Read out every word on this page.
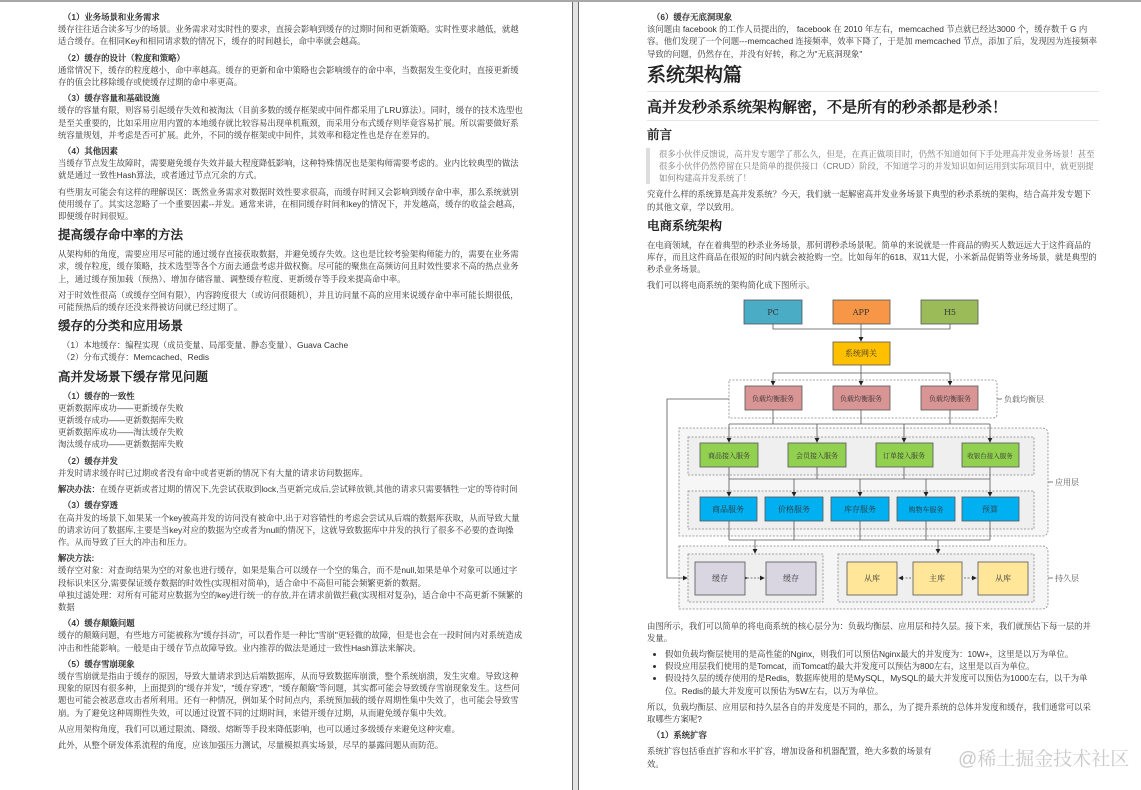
（1）业务场景和业务需求

缓存往往适合读多写少的场景。业务需求对实时性的要求，直接会影响到缓存的过期时间和更新策略。实时性要求越低，就越适合缓存。在相同Key和相同请求数的情况下，缓存的时间越长，命中率就会越高。

（2）缓存的设计（粒度和策略）

通常情况下，缓存的粒度越小，命中率越高。缓存的更新和命中策略也会影响缓存的命中率，当数据发生变化时，直接更新缓存的值会比移除缓存或使缓存过期的命中率更高。

（3）缓存容量和基础设施

缓存的容量有限，则容易引起缓存失效和被淘汰（目前多数的缓存框架或中间件都采用了LRU算法）。同时，缓存的技术选型也是至关重要的，比如采用应用内置的本地缓存就比较容易出现单机瓶颈，而采用分布式缓存则毕竟容易扩展。所以需要做好系统容量规划，并考虑是否可扩展。此外，不同的缓存框架或中间件，其效率和稳定性也是存在差异的。

（4）其他因素

当缓存节点发生故障时，需要避免缓存失效并最大程度降低影响，这种特殊情况也是架构师需要考虑的。业内比较典型的做法就是通过一致性Hash算法，或者通过节点冗余的方式。

有些朋友可能会有这样的理解误区：既然业务需求对数据时效性要求很高，而缓存时间又会影响到缓存命中率，那么系统就别使用缓存了。其实这忽略了一个重要因素--并发。通常来讲，在相同缓存时间和key的情况下，并发越高，缓存的收益会越高，即便缓存时间很短。

提高缓存命中率的方法

从架构师的角度，需要应用尽可能的通过缓存直接获取数据，并避免缓存失效。这也是比较考验架构师能力的，需要在业务需求，缓存粒度，缓存策略，技术选型等各个方面去通盘考虑并做权衡。尽可能的聚焦在高频访问且时效性要求不高的热点业务上，通过缓存预加载（预热）、增加存储容量、调整缓存粒度、更新缓存等手段来提高命中率。

对于时效性很高（或缓存空间有限），内容跨度很大（或访问很随机），并且访问量不高的应用来说缓存命中率可能长期很低，可能预热后的缓存还没来得被访问就已经过期了。

缓存的分类和应用场景

（1）本地缓存：编程实现（成员变量、局部变量、静态变量）、Guava Cache
（2）分布式缓存：Memcached、Redis

高并发场景下缓存常见问题

（1）缓存的一致性

更新数据库成功——更新缓存失败
更新缓存成功——更新数据库失败
更新数据库成功——淘汰缓存失败
淘汰缓存成功——更新数据库失败

（2）缓存并发

并发时请求缓存时已过期或者没有命中或者更新的情况下有大量的请求访问数据库。

解决办法：在缓存更新或者过期的情况下,先尝试获取到lock,当更新完成后,尝试释放锁,其他的请求只需要牺牲一定的等待时间

（3）缓存穿透

在高并发的场景下,如果某一个key被高并发的访问没有被命中,出于对容错性的考虑会尝试从后端的数据库获取，从而导致大量的请求访问了数据库,主要是当key对应的数据为空或者为null的情况下，这就导致数据库中并发的执行了很多不必要的查询操作。从而导致了巨大的冲击和压力。

解决方法:

缓存空对象：对查询结果为空的对象也进行缓存，如果是集合可以缓存一个空的集合，而不是null,如果是单个对象可以通过字段标识来区分,需要保证缓存数据的时效性(实现相对简单)，适合命中不高但可能会频繁更新的数据。

单独过滤处理：对所有可能对应数据为空的key进行统一的存放,并在请求前做拦截(实现相对复杂)，适合命中不高更新不频繁的数据

（4）缓存颠簸问题

缓存的颠簸问题，有些地方可能被称为"缓存抖动"，可以看作是一种比"雪崩"更轻微的故障，但是也会在一段时间内对系统造成冲击和性能影响。一般是由于缓存节点故障导致。业内推荐的做法是通过一致性Hash算法来解决。

（5）缓存雪崩现象

缓存雪崩就是指由于缓存的原因，导致大量请求到达后端数据库，从而导致数据库崩溃，整个系统崩溃，发生灾难。导致这种现象的原因有很多种，上面提到的"缓存并发"，"缓存穿透"，"缓存颠簸"等问题，其实都可能会导致缓存雪崩现象发生。这些问题也可能会被恶意攻击者所利用。还有一种情况，例如某个时间点内，系统预加载的缓存周期性集中失效了，也可能会导致雪崩。为了避免这种周期性失效，可以通过设置不同的过期时间，来错开缓存过期，从而避免缓存集中失效。

从应用架构角度，我们可以通过限流、降级、熔断等手段来降低影响，也可以通过多级缓存来避免这种灾难。

此外，从整个研发体系流程的角度，应该加强压力测试，尽量模拟真实场景，尽早的暴露问题从而防范。

（6）缓存无底洞现象

该问题由 facebook 的工作人员提出的， facebook 在 2010 年左右，memcached 节点就已经达3000 个，缓存数千 G 内容。他们发现了一个问题---memcached 连接频率，效率下降了，于是加 memcached 节点，添加了后，发现因为连接频率导致的问题，仍然存在，并没有好转，称之为"无底洞现象"

系统架构篇

高并发秒杀系统架构解密，不是所有的秒杀都是秒杀！

前言

很多小伙伴反馈说，高并发专题学了那么久，但是，在真正做项目时，仍然不知道如何下手处理高并发业务场景！甚至很多小伙伴仍然停留在只是简单的提供接口（CRUD）阶段，不知道学习的并发知识如何运用到实际项目中，就更别提如何构建高并发系统了！

究竟什么样的系统算是高并发系统？今天，我们就一起解密高并发业务场景下典型的秒杀系统的架构，结合高并发专题下的其他文章，学以致用。

电商系统架构

在电商领域，存在着典型的秒杀业务场景，那何谓秒杀场景呢。简单的来说就是一件商品的购买人数远远大于这件商品的库存，而且这件商品在很短的时间内就会被抢购一空。比如每年的618、双11大促，小米新品促销等业务场景，就是典型的秒杀业务场景。

我们可以将电商系统的架构简化成下图所示。

PC	APP	H5
系统网关
负载均衡服务	负载均衡服务	负载均衡服务
商品接入服务	会员接入服务	订单接入服务	收银台接入服务
商品服务	价格服务	库存服务	购物车服务	预算
缓存	缓存	从库	主库	从库
负载均衡层
应用层
持久层

由图所示，我们可以简单的将电商系统的核心层分为：负载均衡层、应用层和持久层。接下来，我们就预估下每一层的并发量。

• 假如负载均衡层使用的是高性能的Nginx，则我们可以预估Nginx最大的并发度为：10W+，这里是以万为单位。
• 假设应用层我们使用的是Tomcat，而Tomcat的最大并发度可以预估为800左右，这里是以百为单位。
• 假设持久层的缓存使用的是Redis，数据库使用的是MySQL，MySQL的最大并发度可以预估为1000左右，以千为单位。Redis的最大并发度可以预估为5W左右，以万为单位。

所以，负载均衡层、应用层和持久层各自的并发度是不同的，那么，为了提升系统的总体并发度和缓存，我们通常可以采取哪些方案呢?

（1）系统扩容

系统扩容包括垂直扩容和水平扩容，增加设备和机器配置，绝大多数的场景有效。	@稀土掘金技术社区
